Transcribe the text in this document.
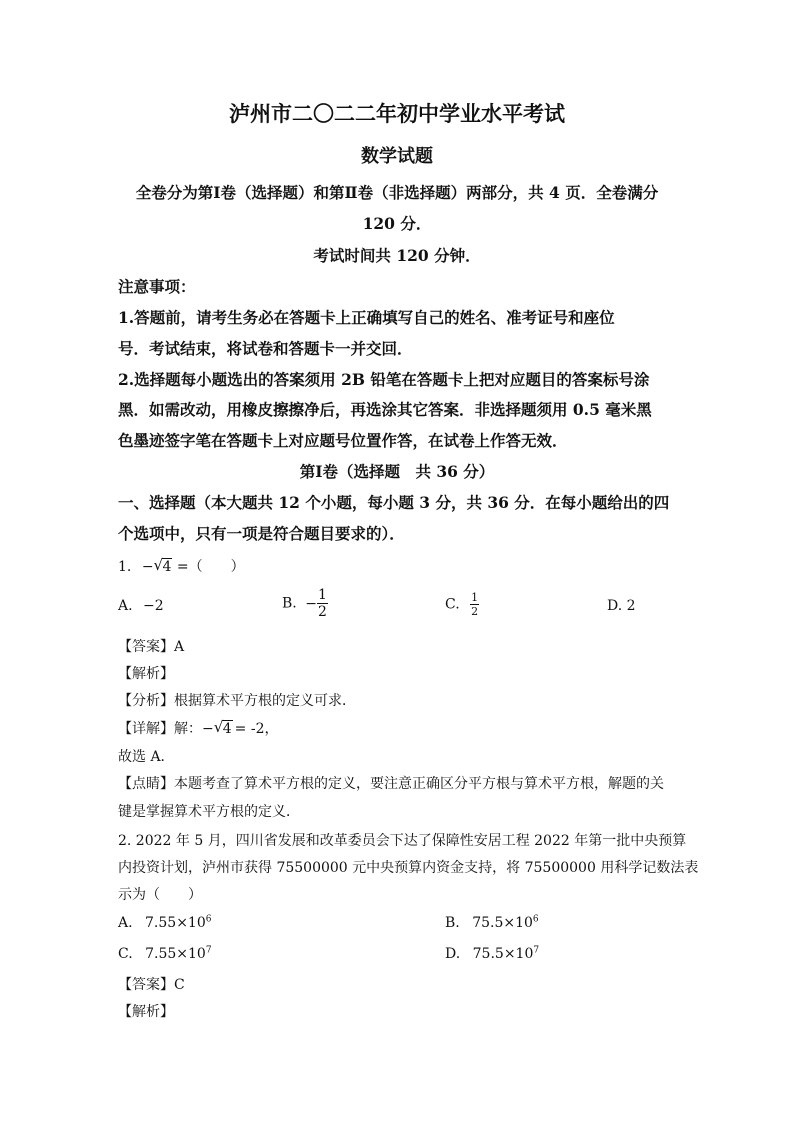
泸州市二〇二二年初中学业水平考试
数学试题
全卷分为第Ⅰ卷（选择题）和第Ⅱ卷（非选择题）两部分，共 4 页．全卷满分
120 分．
考试时间共 120 分钟．
注意事项：
1.答题前，请考生务必在答题卡上正确填写自己的姓名、准考证号和座位
号．考试结束，将试卷和答题卡一并交回．
2.选择题每小题选出的答案须用 2B 铅笔在答题卡上把对应题目的答案标号涂
黑．如需改动，用橡皮擦擦净后，再选涂其它答案．非选择题须用 0.5 毫米黑
色墨迹签字笔在答题卡上对应题号位置作答，在试卷上作答无效．
第Ⅰ卷（选择题　共 36 分）
一、选择题（本大题共 12 个小题，每小题 3 分，共 36 分．在每小题给出的四
个选项中，只有一项是符合题目要求的）．
1. − √ 4 =（　　）
A. −2	B. − $\frac{1}{2}$	C. $\frac{1}{2}$	D. 2
【答案】A
【解析】
【分析】根据算术平方根的定义可求．
【详解】解：− √ 4 = -2，
故选 A．
【点睛】本题考查了算术平方根的定义，要注意正确区分平方根与算术平方根，解题的关
键是掌握算术平方根的定义．
2. 2022 年 5 月，四川省发展和改革委员会下达了保障性安居工程 2022 年第一批中央预算
内投资计划，泸州市获得 75500000 元中央预算内资金支持，将 75500000 用科学记数法表
示为（　　）
A. $7.55\times 10^6$	B. $75.5\times 10^6$
C. $7.55\times 10^7$	D. $75.5\times 10^7$
【答案】C
【解析】
